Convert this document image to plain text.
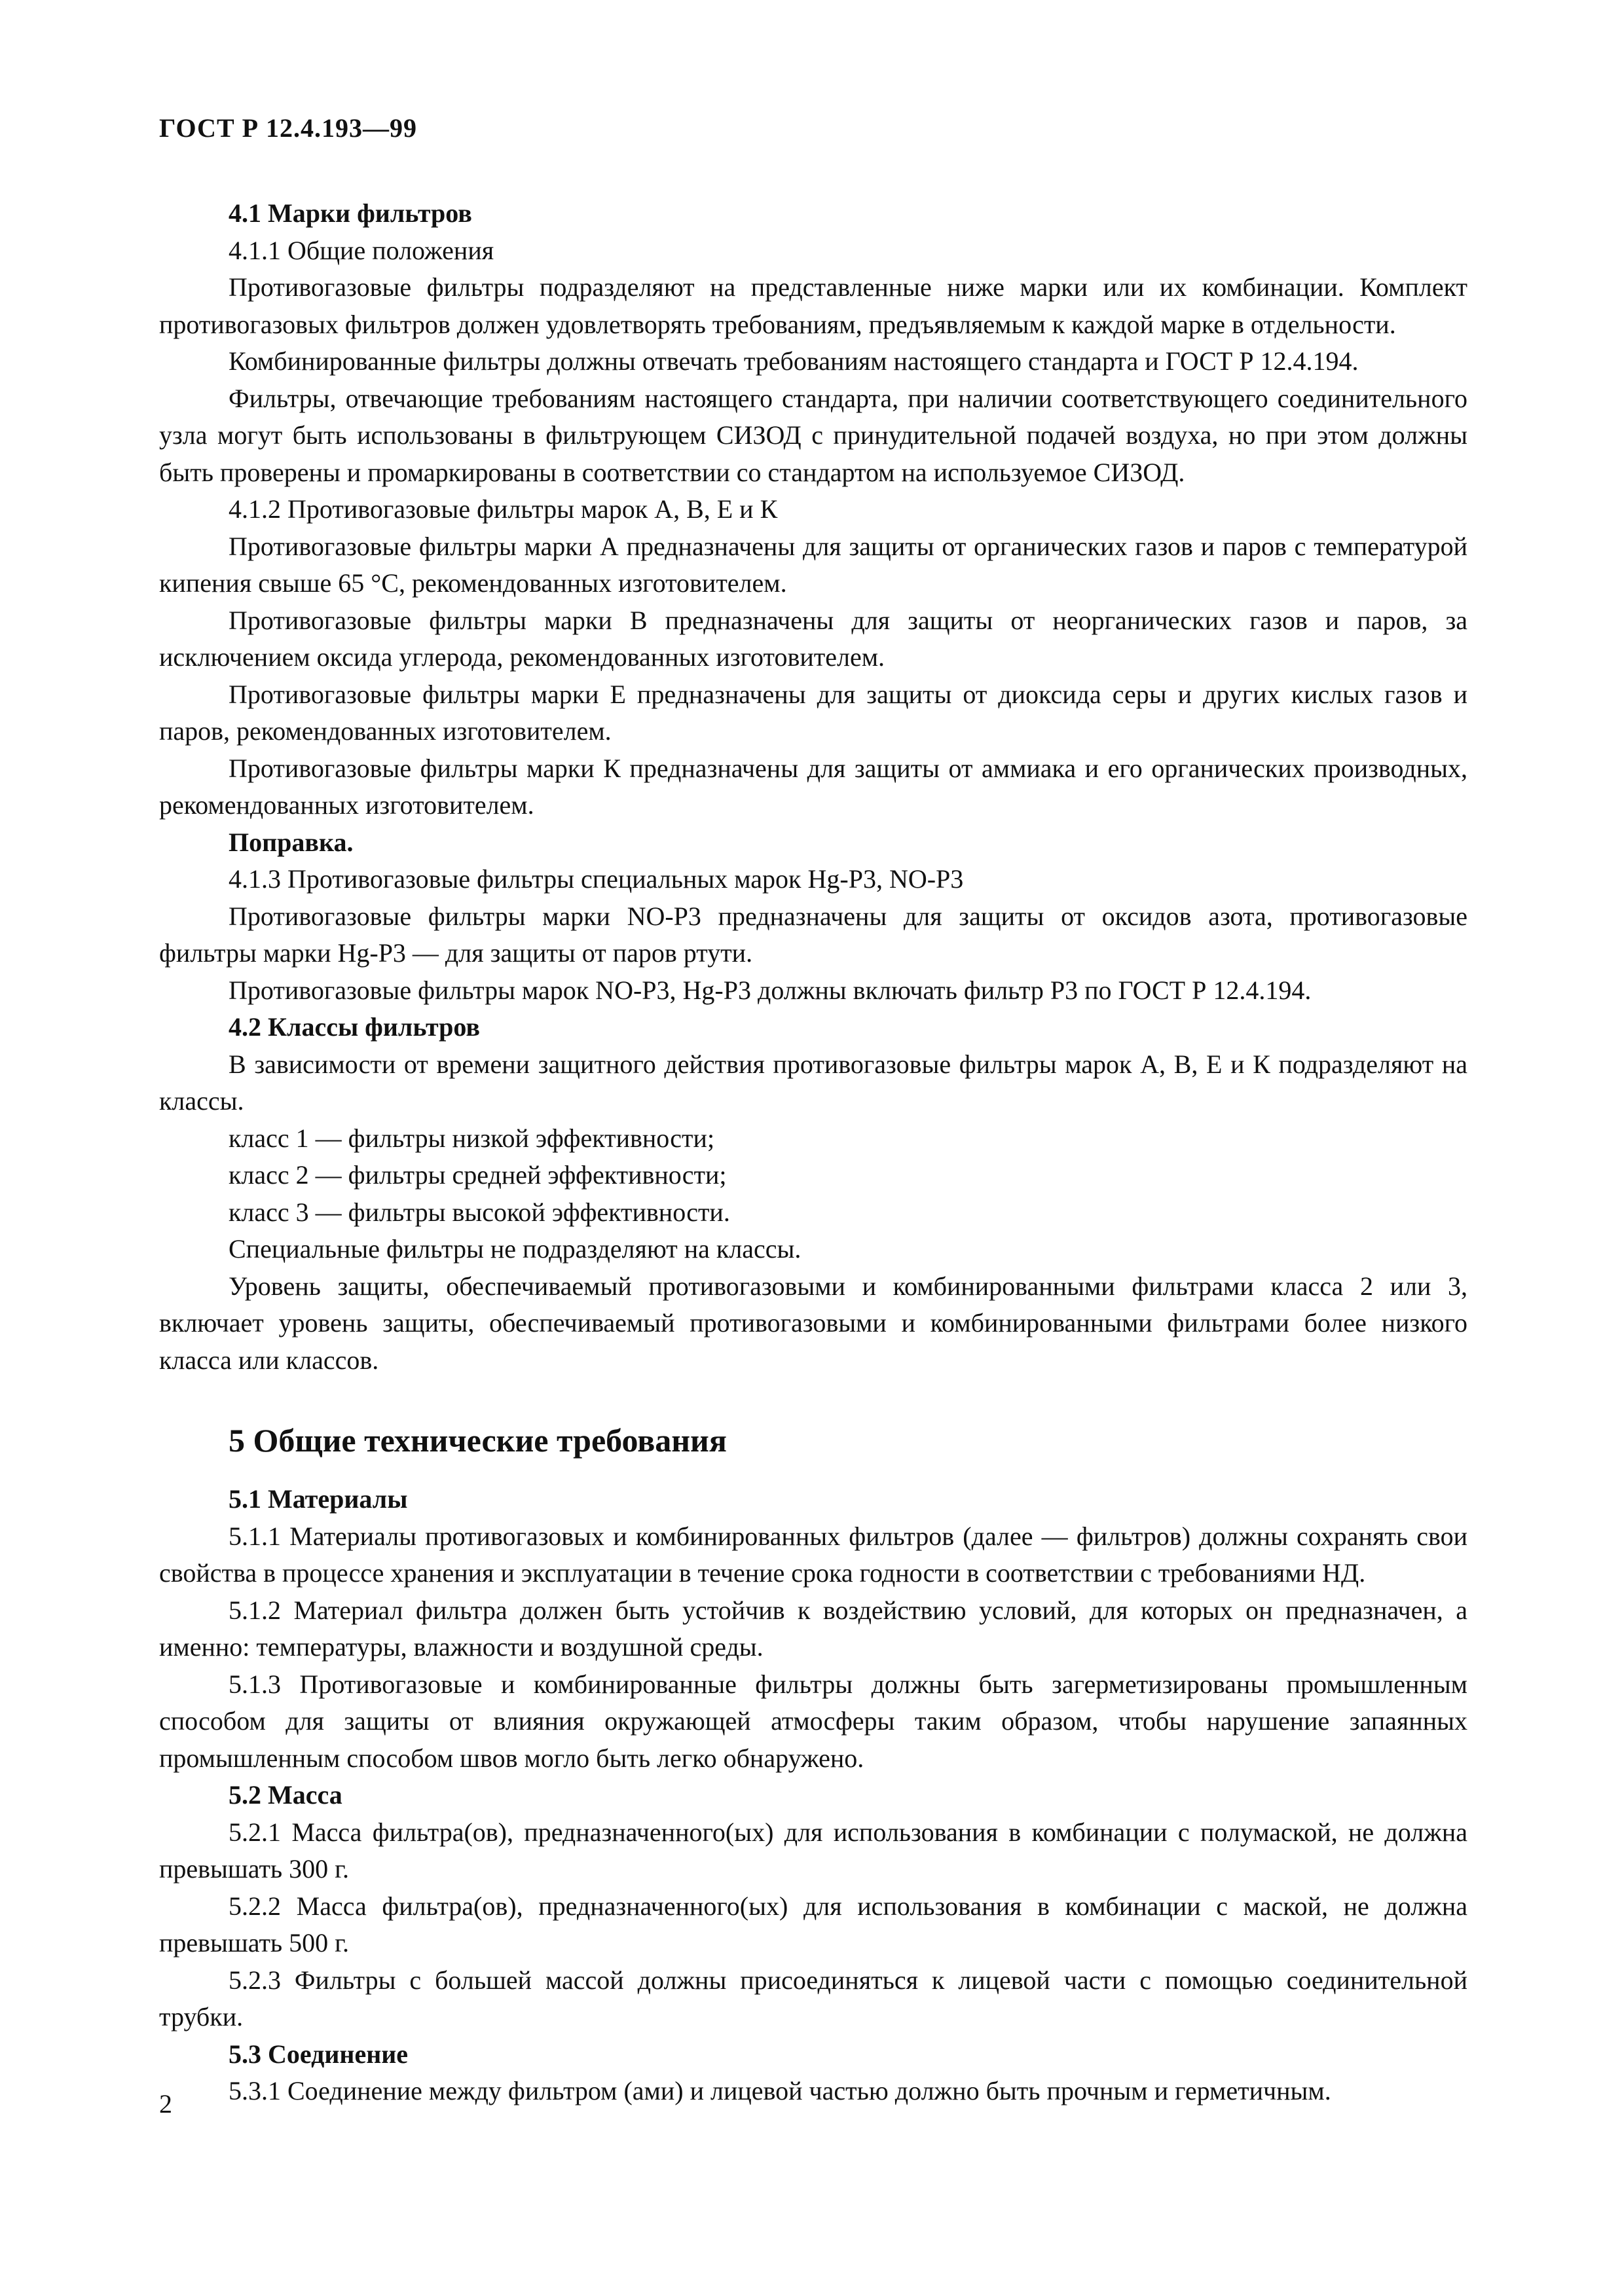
ГОСТ Р 12.4.193—99

4.1 Марки фильтров

4.1.1 Общие положения

Противогазовые фильтры подразделяют на представленные ниже марки или их комбинации. Комплект противогазовых фильтров должен удовлетворять требованиям, предъявляемым к каждой марке в отдельности.

Комбинированные фильтры должны отвечать требованиям настоящего стандарта и ГОСТ Р 12.4.194.

Фильтры, отвечающие требованиям настоящего стандарта, при наличии соответствующего соединительного узла могут быть использованы в фильтрующем СИЗОД с принудительной подачей воздуха, но при этом должны быть проверены и промаркированы в соответствии со стандартом на используемое СИЗОД.

4.1.2 Противогазовые фильтры марок А, В, Е и К

Противогазовые фильтры марки А предназначены для защиты от органических газов и паров с температурой кипения свыше 65 °С, рекомендованных изготовителем.

Противогазовые фильтры марки В предназначены для защиты от неорганических газов и паров, за исключением оксида углерода, рекомендованных изготовителем.

Противогазовые фильтры марки Е предназначены для защиты от диоксида серы и других кислых газов и паров, рекомендованных изготовителем.

Противогазовые фильтры марки К предназначены для защиты от аммиака и его органических производных, рекомендованных изготовителем.

Поправка.

4.1.3 Противогазовые фильтры специальных марок Hg-P3, NO-P3

Противогазовые фильтры марки NO-P3 предназначены для защиты от оксидов азота, противогазовые фильтры марки Hg-P3 — для защиты от паров ртути.

Противогазовые фильтры марок NO-P3, Hg-P3 должны включать фильтр Р3 по ГОСТ Р 12.4.194.

4.2 Классы фильтров

В зависимости от времени защитного действия противогазовые фильтры марок А, В, Е и К подразделяют на классы.

класс 1 — фильтры низкой эффективности;

класс 2 — фильтры средней эффективности;

класс 3 — фильтры высокой эффективности.

Специальные фильтры не подразделяют на классы.

Уровень защиты, обеспечиваемый противогазовыми и комбинированными фильтрами класса 2 или 3, включает уровень защиты, обеспечиваемый противогазовыми и комбинированными фильтрами более низкого класса или классов.

5 Общие технические требования

5.1 Материалы

5.1.1 Материалы противогазовых и комбинированных фильтров (далее — фильтров) должны сохранять свои свойства в процессе хранения и эксплуатации в течение срока годности в соответствии с требованиями НД.

5.1.2 Материал фильтра должен быть устойчив к воздействию условий, для которых он предназначен, а именно: температуры, влажности и воздушной среды.

5.1.3 Противогазовые и комбинированные фильтры должны быть загерметизированы промышленным способом для защиты от влияния окружающей атмосферы таким образом, чтобы нарушение запаянных промышленным способом швов могло быть легко обнаружено.

5.2 Масса

5.2.1 Масса фильтра(ов), предназначенного(ых) для использования в комбинации с полумаской, не должна превышать 300 г.

5.2.2 Масса фильтра(ов), предназначенного(ых) для использования в комбинации с маской, не должна превышать 500 г.

5.2.3 Фильтры с большей массой должны присоединяться к лицевой части с помощью соединительной трубки.

5.3 Соединение

5.3.1 Соединение между фильтром (ами) и лицевой частью должно быть прочным и герметичным.

2
